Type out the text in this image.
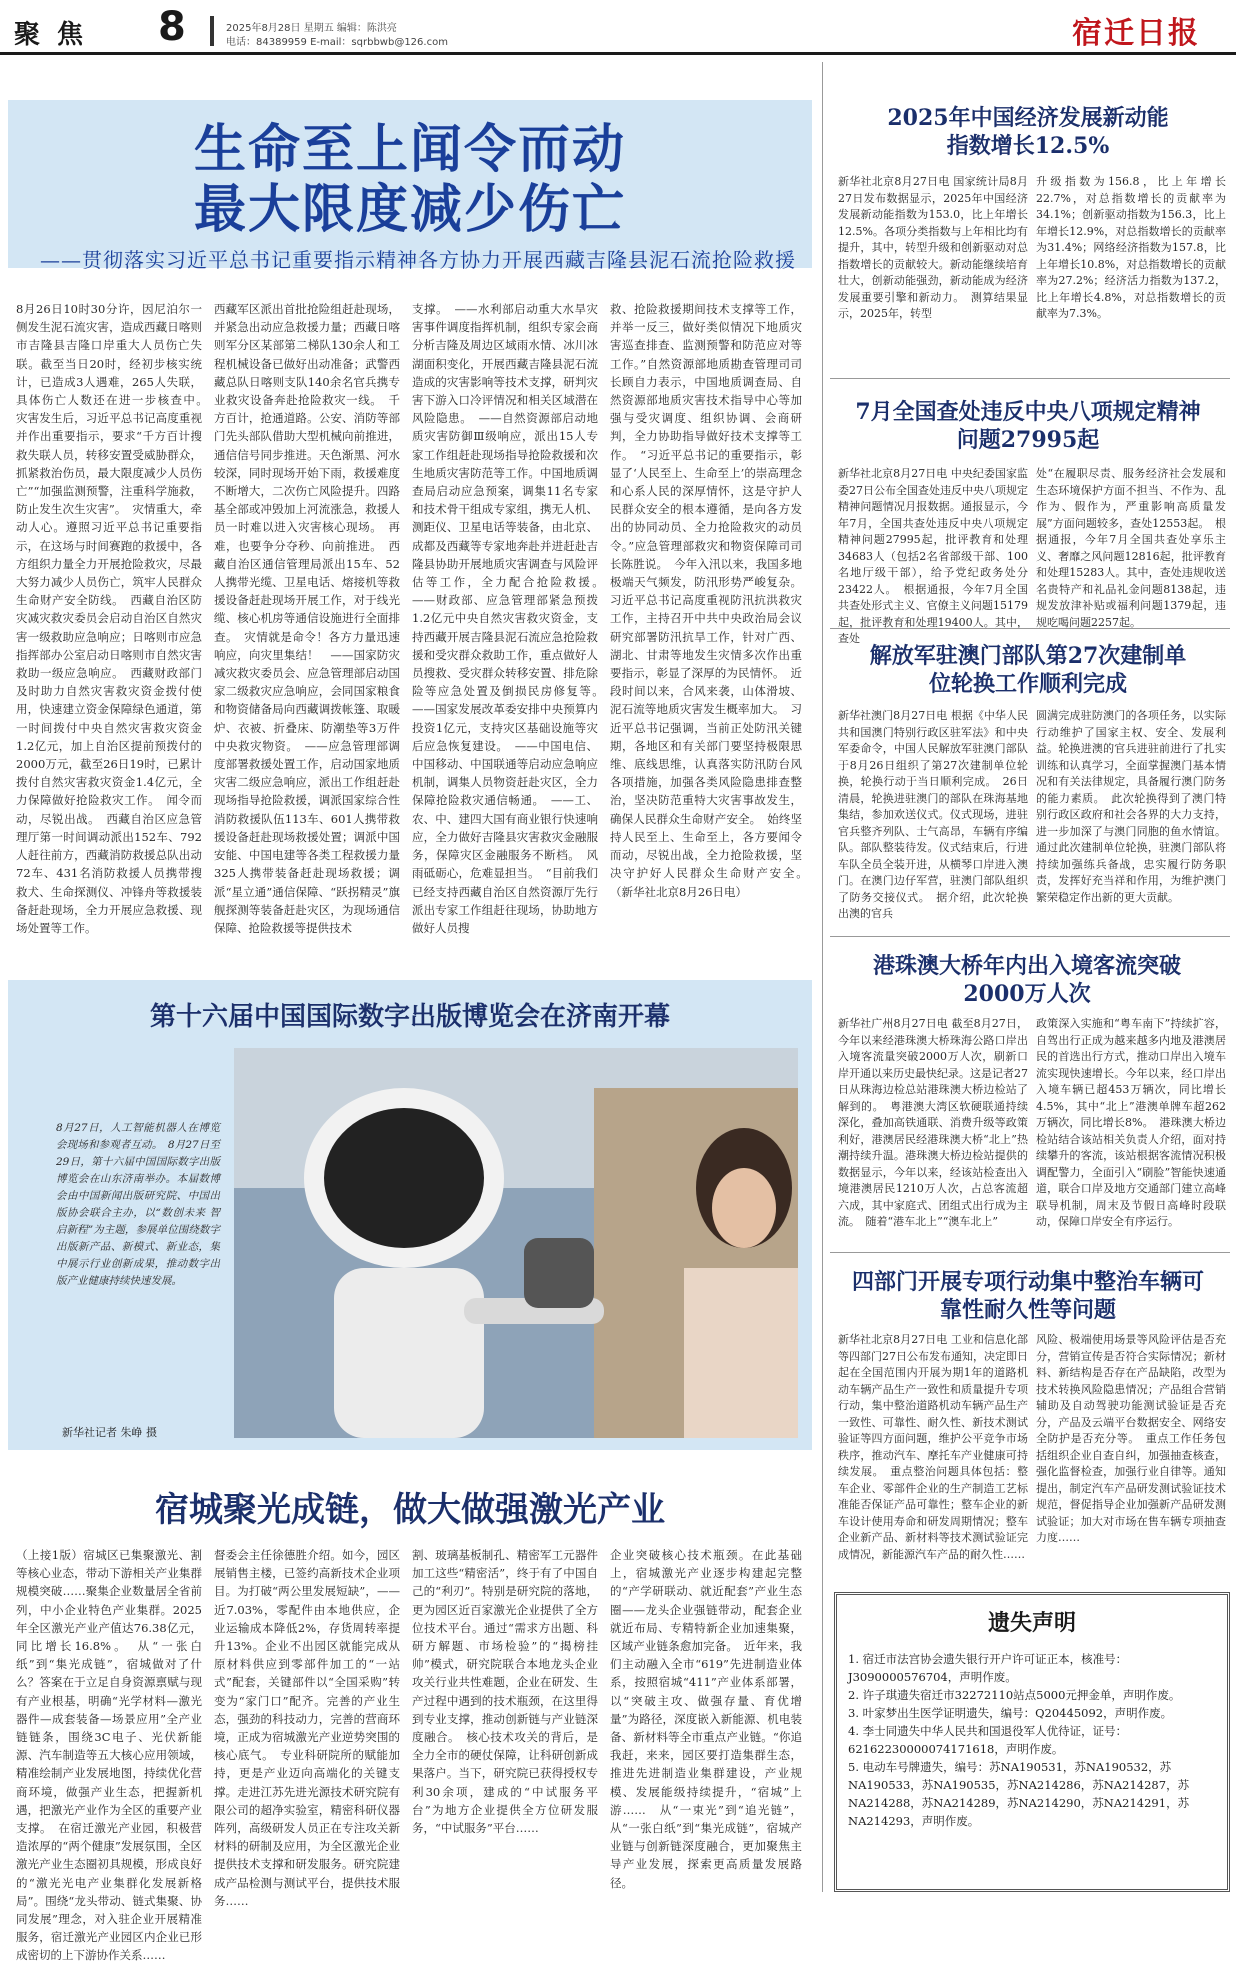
聚 焦 8	2025年8月28日 星期五 编辑：陈洪亮
电话：84389959 E-mail：sqrbbwb@126.com	宿迁日报
生命至上闻令而动
最大限度减少伤亡
——贯彻落实习近平总书记重要指示精神各方协力开展西藏吉隆县泥石流抢险救援
8月26日10时30分许，因尼泊尔一侧发生泥石流灾害，造成西藏日喀则市吉隆县吉隆口岸重大人员伤亡失联。截至当日20时，经初步核实统计，已造成3人遇难，265人失联，具体伤亡人数还在进一步核查中。　灾害发生后，习近平总书记高度重视并作出重要指示，要求“千方百计搜救失联人员，转移安置受威胁群众，抓紧救治伤员，最大限度减少人员伤亡”“加强监测预警，注重科学施救，防止发生次生灾害”。　灾情重大，牵动人心。遵照习近平总书记重要指示，在这场与时间赛跑的救援中，各方组织力量全力开展抢险救灾，尽最大努力减少人员伤亡，筑牢人民群众生命财产安全防线。　西藏自治区防灾减灾救灾委员会启动自治区自然灾害一级救助应急响应；日喀则市应急指挥部办公室启动日喀则市自然灾害救助一级应急响应。　西藏财政部门及时助力自然灾害救灾资金拨付使用，快速建立资金保障绿色通道，第一时间拨付中央自然灾害救灾资金1.2亿元，加上自治区提前预拨付的2000万元，截至26日19时，已累计拨付自然灾害救灾资金1.4亿元，全力保障做好抢险救灾工作。　闻令而动，尽锐出战。　西藏自治区应急管理厅第一时间调动派出152车、792人赶往前方，西藏消防救援总队出动72车、431名消防救援人员携带搜救犬、生命探测仪、冲锋舟等救援装备赶赴现场，全力开展应急救援、现场处置等工作。
西藏军区派出首批抢险组赶赴现场，并紧急出动应急救援力量；西藏日喀则军分区某部第二梯队130余人和工程机械设备已做好出动准备；武警西藏总队日喀则支队140余名官兵携专业救灾设备奔赴抢险救灾一线。　千方百计，抢通道路。公安、消防等部门先头部队借助大型机械向前推进，通信信号同步推进。天色渐黑、河水较深，同时现场开始下雨，救援难度不断增大，二次伤亡风险提升。四路基全部或冲毁加上河流涨急，救援人员一时难以进入灾害核心现场。　再难，也要争分夺秒、向前推进。　西藏自治区通信管理局派出15车、52人携带光缆、卫星电话、熔接机等救援设备赶赴现场开展工作，对于线光缆、核心机房等通信设施进行全面排查。　灾情就是命令！各方力量迅速响应，向灾里集结！　——国家防灾减灾救灾委员会、应急管理部启动国家二级救灾应急响应，会同国家粮食和物资储备局向西藏调拨帐篷、取暖炉、衣被、折叠床、防潮垫等3万件中央救灾物资。　——应急管理部调度部署救援处置工作，启动国家地质灾害二级应急响应，派出工作组赶赴现场指导抢险救援，调派国家综合性消防救援队伍113车、601人携带救援设备赶赴现场救援处置；调派中国安能、中国电建等各类工程救援力量325人携带装备赶赴现场救援；调派“星立通”通信保障、“跃拐精灵”旗舰探测等装备赶赴灾区，为现场通信保障、抢险救援等提供技术
支撑。　——水利部启动重大水旱灾害事件调度指挥机制，组织专家会商分析吉隆及周边区域雨水情、冰川冰湖面积变化，开展西藏吉隆县泥石流造成的灾害影响等技术支撑，研判灾害下游入口冷评情况和相关区域潜在风险隐患。　——自然资源部启动地质灾害防御Ⅲ级响应，派出15人专家工作组赶赴现场指导抢险救援和次生地质灾害防范等工作。中国地质调查局启动应急预案，调集11名专家和技术骨干组成专家组，携无人机、测距仪、卫星电话等装备，由北京、成都及西藏等专家地奔赴并进赶赴吉隆县协助开展地质灾害调查与风险评估等工作，全力配合抢险救援。　——财政部、应急管理部紧急预拨1.2亿元中央自然灾害救灾资金，支持西藏开展吉隆县泥石流应急抢险救援和受灾群众救助工作，重点做好人员搜救、受灾群众转移安置、排危除险等应急处置及倒损民房修复等。　——国家发展改革委安排中央预算内投资1亿元，支持灾区基础设施等灾后应急恢复建设。　——中国电信、中国移动、中国联通等启动应急响应机制，调集人员物资赶赴灾区，全力保障抢险救灾通信畅通。　——工、农、中、建四大国有商业银行快速响应，全力做好吉隆县灾害救灾金融服务，保障灾区金融服务不断档。　风雨砥砺心，危难显担当。　“目前我们已经支持西藏自治区自然资源厅先行派出专家工作组赶往现场，协助地方做好人员搜
救、抢险救援期间技术支撑等工作，并举一反三，做好类似情况下地质灾害巡查排查、监测预警和防范应对等工作。”自然资源部地质勘查管理司司长顾自力表示，中国地质调查局、自然资源部地质灾害技术指导中心等加强与受灾调度、组织协调、会商研判，全力协助指导做好技术支撑等工作。　“习近平总书记的重要指示，彰显了‘人民至上、生命至上’的崇高理念和心系人民的深厚情怀，这是守护人民群众安全的根本遵循，是向各方发出的协同动员、全力抢险救灾的动员令。”应急管理部救灾和物资保障司司长陈胜说。　今年入汛以来，我国多地极端天气频发，防汛形势严峻复杂。习近平总书记高度重视防汛抗洪救灾工作，主持召开中共中央政治局会议研究部署防汛抗旱工作，针对广西、湖北、甘肃等地发生灾情多次作出重要指示，彰显了深厚的为民情怀。　近段时间以来，合风来袭，山体滑坡、泥石流等地质灾害发生概率加大。　习近平总书记强调，当前正处防汛关键期，各地区和有关部门要坚持极限思维、底线思维，认真落实防汛防台风各项措施，加强各类风险隐患排查整治，坚决防范重特大灾害事故发生，确保人民群众生命财产安全。　始终坚持人民至上、生命至上，各方要闻令而动，尽锐出战，全力抢险救援，坚决守护好人民群众生命财产安全。　（新华社北京8月26日电）
第十六届中国国际数字出版博览会在济南开幕
8月27日，人工智能机器人在博览会现场和参观者互动。　8月27日至29日，第十六届中国国际数字出版博览会在山东济南举办。本届数博会由中国新闻出版研究院、中国出版协会联合主办，以“数创未来 智启新程”为主题，参展单位围绕数字出版新产品、新模式、新业态，集中展示行业创新成果，推动数字出版产业健康持续快速发展。
新华社记者 朱峥 摄
宿城聚光成链，做大做强激光产业
（上接1版）宿城区已集聚激光、割等核心业态，带动下游相关产业集群规模突破……聚集企业数量居全省前列，中小企业特色产业集群。2025年全区激光产业产值达76.38亿元，同比增长16.8%。　从“一张白纸”到“集光成链”，宿城做对了什么？答案在于立足自身资源禀赋与现有产业根基，明确“光学材料—激光器件—成套装备—场景应用”全产业链链条，围绕3C电子、光伏新能源、汽车制造等五大核心应用领域，精准绘制产业发展地图，持续优化营商环境，做强产业生态，把握新机遇，把激光产业作为全区的重要产业支撑。　在宿迁激光产业园，积极营造浓厚的“两个健康”发展氛围，全区激光产业生态圈初具规模，形成良好的“激光光电产业集群化发展新格局”。围绕“龙头带动、链式集聚、协同发展”理念，对入驻企业开展精准服务，宿迁激光产业园区内企业已形成密切的上下游协作关系……
督委会主任徐德胜介绍。如今，园区展销售主楼，已签约高新技术企业项目。为打破“两公里发展短缺”，——近7.03%，零配件由本地供应，企业运输成本降低2%，存货周转率提升13%。企业不出园区就能完成从原材料供应到零部件加工的“一站式”配套，关键部件以“全国采购”转变为“家门口”配齐。完善的产业生态，强劲的科技动力，完善的营商环境，正成为宿城激光产业逆势突围的核心底气。　专业科研院所的赋能加持，更是产业迈向高端化的关键支撑。走进江苏先进光源技术研究院有限公司的超净实验室，精密科研仪器阵列，高级研发人员正在专注攻关新材料的研制及应用，为全区激光企业提供技术支撑和研发服务。研究院建成产品检测与测试平台，提供技术服务……
割、玻璃基板制孔、精密军工元器件加工这些“精密活”，终于有了中国自己的“利刃”。特别是研究院的落地，更为园区近百家激光企业提供了全方位技术平台。通过“需求方出题、科研方解题、市场检验”的“揭榜挂帅”模式，研究院联合本地龙头企业攻关行业共性难题，企业在研发、生产过程中遇到的技术瓶颈，在这里得到专业支撑，推动创新链与产业链深度融合。　核心技术攻关的背后，是全力全市的硬仗保障，让科研创新成果落户。当下，研究院已获得授权专利30余项，建成的“中试服务平台”为地方企业提供全方位研发服务，“中试服务”平台……
企业突破核心技术瓶颈。在此基础上，宿城激光产业逐步构建起完整的“产学研联动、就近配套”产业生态圈——龙头企业强链带动，配套企业就近布局、专精特新企业加速集聚，区域产业链条愈加完备。　近年来，我们主动融入全市“619”先进制造业体系，按照宿城“411”产业体系部署，以“突破主攻、做强存量、育优增量”为路径，深度嵌入新能源、机电装备、新材料等全市重点产业链。“你追我赶，来来，园区要打造集群生态，推进先进制造业集群建设，产业规模、发展能级持续提升，“宿城”上游……　从“一束光”到“追光链”，从“一张白纸”到“集光成链”，宿城产业链与创新链深度融合，更加聚焦主导产业发展，探索更高质量发展路径。
2025年中国经济发展新动能指数增长12.5%
新华社北京8月27日电 国家统计局8月27日发布数据显示，2025年中国经济发展新动能指数为153.0，比上年增长12.5%。各项分类指数与上年相比均有提升，其中，转型升级和创新驱动对总指数增长的贡献较大。新动能继续培育壮大，创新动能强劲，新动能成为经济发展重要引擎和新动力。　测算结果显示，2025年，转型
升级指数为156.8，比上年增长22.7%，对总指数增长的贡献率为34.1%；创新驱动指数为156.3，比上年增长12.9%，对总指数增长的贡献率为31.4%；网络经济指数为157.8，比上年增长10.8%，对总指数增长的贡献率为27.2%；经济活力指数为137.2，比上年增长4.8%，对总指数增长的贡献率为7.3%。
7月全国查处违反中央八项规定精神问题27995起
新华社北京8月27日电 中央纪委国家监委27日公布全国查处违反中央八项规定精神问题情况月报数据。通报显示，今年7月，全国共查处违反中央八项规定精神问题27995起，批评教育和处理34683人（包括2名省部级干部、100名地厅级干部），给予党纪政务处分23422人。　根据通报，今年7月全国共查处形式主义、官僚主义问题15179起，批评教育和处理19400人。其中，查处
处“在履职尽责、服务经济社会发展和生态环境保护方面不担当、不作为、乱作为、假作为，严重影响高质量发展”方面问题较多，查处12553起。　根据通报，今年7月全国共查处享乐主义、奢靡之风问题12816起，批评教育和处理15283人。其中，查处违规收送名贵特产和礼品礼金问题8138起，违规发放津补贴或福利问题1379起，违规吃喝问题2257起。
解放军驻澳门部队第27次建制单位轮换工作顺利完成
新华社澳门8月27日电 根据《中华人民共和国澳门特别行政区驻军法》和中央军委命令，中国人民解放军驻澳门部队于8月26日组织了第27次建制单位轮换，轮换行动于当日顺利完成。　26日清晨，轮换进驻澳门的部队在珠海基地集结，参加欢送仪式。仪式现场，进驻官兵整齐列队、士气高昂，车辆有序编队。部队整装待发。仪式结束后，行进车队全员全装开进，从横琴口岸进入澳门。在澳门边仔军营，驻澳门部队组织了防务交接仪式。　据介绍，此次轮换出澳的官兵
圆满完成驻防澳门的各项任务，以实际行动维护了国家主权、安全、发展利益。轮换进澳的官兵进驻前进行了扎实训练和认真学习，全面掌握澳门基本情况和有关法律规定，具备履行澳门防务的能力素质。　此次轮换得到了澳门特别行政区政府和社会各界的大力支持，进一步加深了与澳门同胞的鱼水情谊。通过此次建制单位轮换，驻澳门部队将持续加强练兵备战，忠实履行防务职责，发挥好充当祥和作用，为维护澳门繁荣稳定作出新的更大贡献。
港珠澳大桥年内出入境客流突破2000万人次
新华社广州8月27日电 截至8月27日，今年以来经港珠澳大桥珠海公路口岸出入境客流量突破2000万人次，刷新口岸开通以来历史最快纪录。这是记者27日从珠海边检总站港珠澳大桥边检站了解到的。　粤港澳大湾区软硬联通持续深化，叠加高铁通联、消费升级等政策利好，港澳居民经港珠澳大桥“北上”热潮持续升温。港珠澳大桥边检站提供的数据显示，今年以来，经该站检查出入境港澳居民1210万人次，占总客流超六成，其中家庭式、团组式出行成为主流。　随着“港车北上”“澳车北上”
政策深入实施和“粤车南下”持续扩容，自驾出行正成为越来越多内地及港澳居民的首选出行方式，推动口岸出入境车流实现快速增长。今年以来，经口岸出入境车辆已超453万辆次，同比增长4.5%，其中“北上”港澳单牌车超262万辆次，同比增长8%。　港珠澳大桥边检站结合该站相关负责人介绍，面对持续攀升的客流，该站根据客流情况积极调配警力，全面引入“刷脸”智能快速通道，联合口岸及地方交通部门建立高峰联导机制，周末及节假日高峰时段联动，保障口岸安全有序运行。
四部门开展专项行动集中整治车辆可靠性耐久性等问题
新华社北京8月27日电 工业和信息化部等四部门27日公布发布通知，决定即日起在全国范围内开展为期1年的道路机动车辆产品生产一致性和质量提升专项行动，集中整治道路机动车辆产品生产一致性、可靠性、耐久性、新技术测试验证等四方面问题，维护公平竞争市场秩序，推动汽车、摩托车产业健康可持续发展。　重点整治问题具体包括：整车企业、零部件企业的生产制造工艺标准能否保证产品可靠性；整车企业的新车设计使用寿命和研发周期情况；整车企业新产品、新材料等技术测试验证完成情况，新能源汽车产品的耐久性……
风险、极端使用场景等风险评估是否充分，营销宣传是否符合实际情况；新材料、新结构是否存在产品缺陷，改型为技术转换风险隐患情况；产品组合营销辅助及自动驾驶功能测试验证是否充分，产品及云端平台数据安全、网络安全防护是否充分等。　重点工作任务包括组织企业自查自纠，加强抽查核查，强化监督检查，加强行业自律等。通知提出，制定汽车产品研发测试验证技术规范，督促指导企业加强新产品研发测试验证；加大对市场在售车辆专项抽查力度……
遗失声明
1. 宿迁市法宫协会遗失银行开户许可证正本，核准号：J3090000576704，声明作废。
2. 许子琪遗失宿迁市32272110站点5000元押金单，声明作废。
3. 叶家梦出生医学证明遗失，编号：Q20445092，声明作废。
4. 李士同遗失中华人民共和国退役军人优待证，证号：62162230000074171618，声明作废。
5. 电动车号牌遗失，编号：苏NA190531，苏NA190532，苏NA190533，苏NA190535，苏NA214286，苏NA214287，苏NA214288，苏NA214289，苏NA214290，苏NA214291，苏NA214293，声明作废。
